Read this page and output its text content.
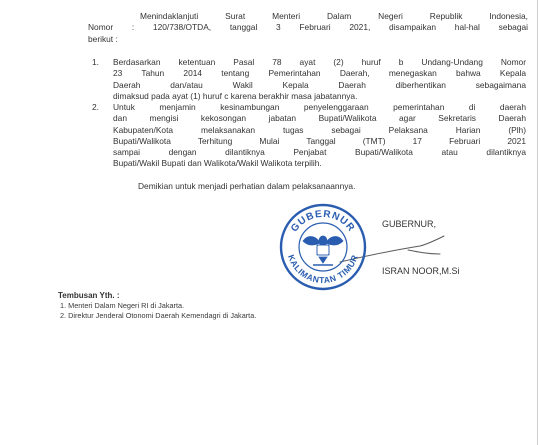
Menindaklanjuti Surat Menteri Dalam Negeri Republik Indonesia,
Nomor : 120/738/OTDA, tanggal 3 Februari 2021, disampaikan hal-hal sebagai
berikut :
1. Berdasarkan ketentuan Pasal 78 ayat (2) huruf b Undang-Undang Nomor
23 Tahun 2014 tentang Pemerintahan Daerah, menegaskan bahwa Kepala
Daerah dan/atau Wakil Kepala Daerah diberhentikan sebagaimana
dimaksud pada ayat (1) huruf c karena berakhir masa jabatannya.
2. Untuk menjamin kesinambungan penyelenggaraan pemerintahan di daerah
dan mengisi kekosongan jabatan Bupati/Walikota agar Sekretaris Daerah
Kabupaten/Kota melaksanakan tugas sebagai Pelaksana Harian (Plh)
Bupati/Walikota Terhitung Mulai Tanggal (TMT) 17 Februari 2021
sampai dengan dilantiknya Penjabat Bupati/Walikota atau dilantiknya
Bupati/Wakil Bupati dan Walikota/Wakil Walikota terpilih.
Demikian untuk menjadi perhatian dalam pelaksanaannya.
GUBERNUR,
ISRAN NOOR,M.Si
GUBERNUR
KALIMANTAN TIMUR
Tembusan Yth. :
1. Menteri Dalam Negeri RI di Jakarta.
2. Direktur Jenderal Otonomi Daerah Kemendagri di Jakarta.
